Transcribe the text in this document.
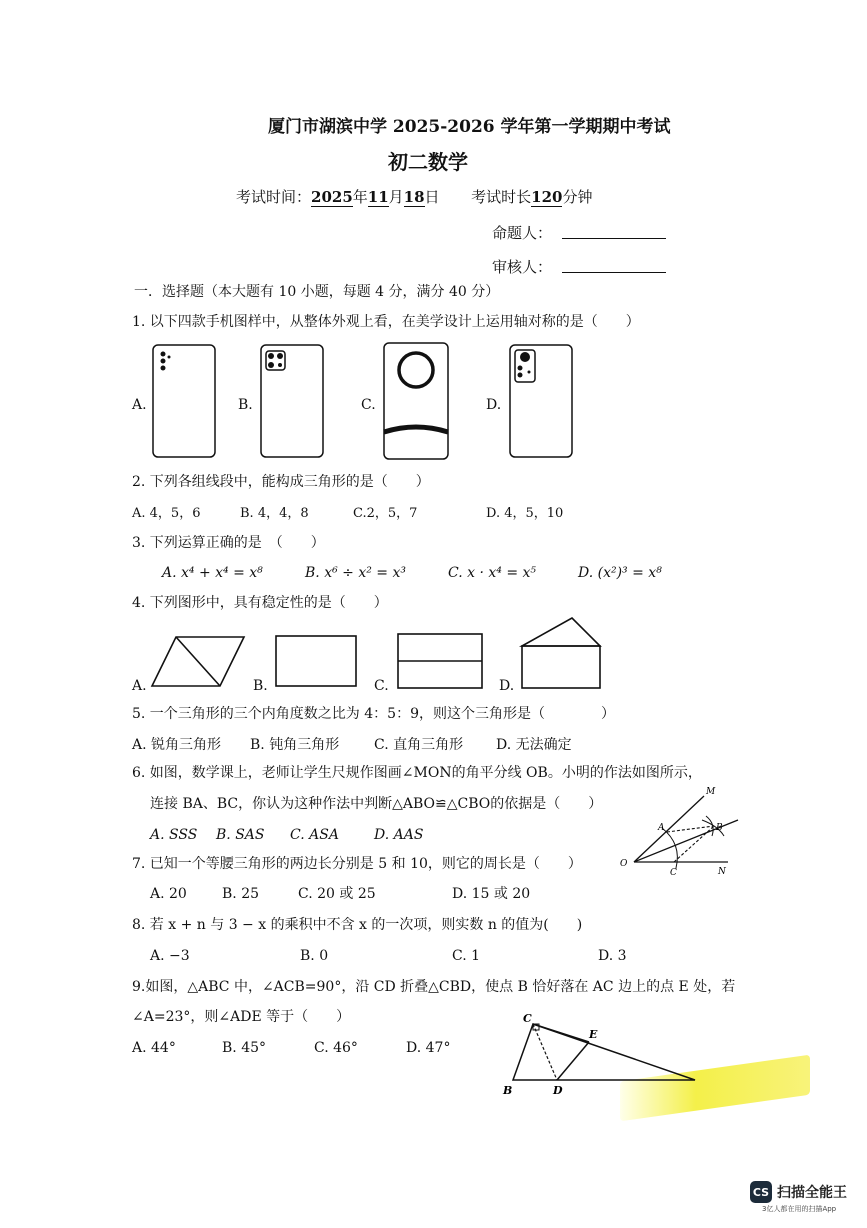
厦门市湖滨中学 2025-2026 学年第一学期期中考试
初二数学
考试时间：2025年11月18日 考试时长120分钟
命题人：
审核人：
一．选择题（本大题有 10 小题，每题 4 分，满分 40 分）
1. 以下四款手机图样中，从整体外观上看，在美学设计上运用轴对称的是（　　）
A.	B.	C.	D.
2. 下列各组线段中，能构成三角形的是（　　）
A. 4，5，6	B. 4，4，8	C.2，5，7	D. 4，5，10
3. 下列运算正确的是　（　　）
A. x⁴ + x⁴ = x⁸	B. x⁶ ÷ x² = x³	C. x · x⁴ = x⁵	D. (x²)³ = x⁸
4. 下列图形中，具有稳定性的是（　　）
A.	B.	C.	D.
5. 一个三角形的三个内角度数之比为 4：5：9，则这个三角形是（　　　　）
A. 锐角三角形 B. 钝角三角形 C. 直角三角形 D. 无法确定
6. 如图，数学课上，老师让学生尺规作图画∠MON的角平分线 OB。小明的作法如图所示，
连接 BA、BC，你认为这种作法中判断△ABO≌△CBO的依据是（　　）
A. SSS B. SAS C. ASA	D. AAS
M
A	B
O
C	N
7. 已知一个等腰三角形的两边长分别是 5 和 10，则它的周长是（　　）
A. 20	B. 25	C. 20 或 25	D. 15 或 20
8. 若 x + n 与 3 − x 的乘积中不含 x 的一次项，则实数 n 的值为(　　)
A. −3	B. 0	C. 1	D. 3
9.如图，△ABC 中，∠ACB=90°，沿 CD 折叠△CBD，使点 B 恰好落在 AC 边上的点 E 处，若
∠A=23°，则∠ADE 等于（　　）
A. 44°	B. 45°	C. 46°	D. 47°
C
E
B	D
CS 扫描全能王
3亿人都在用的扫描App
